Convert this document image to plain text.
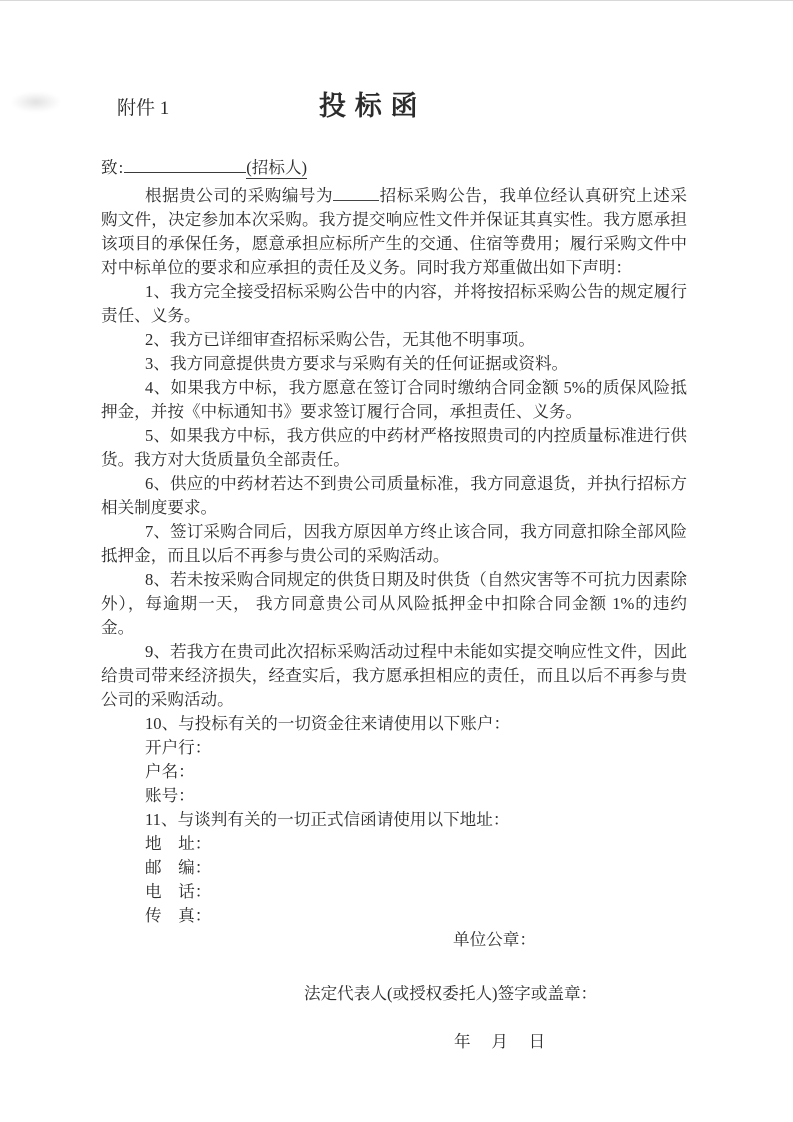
附件 1	投 标 函
致:	(招标人)

根据贵公司的采购编号为	招标采购公告，我单位经认真研究上述采购文件，决定参加本次采购。我方提交响应性文件并保证其真实性。我方愿承担该项目的承保任务，愿意承担应标所产生的交通、住宿等费用；履行采购文件中对中标单位的要求和应承担的责任及义务。同时我方郑重做出如下声明：

1、我方完全接受招标采购公告中的内容，并将按招标采购公告的规定履行责任、义务。

2、我方已详细审查招标采购公告，无其他不明事项。

3、我方同意提供贵方要求与采购有关的任何证据或资料。

4、如果我方中标，我方愿意在签订合同时缴纳合同金额 5%的质保风险抵押金，并按《中标通知书》要求签订履行合同，承担责任、义务。

5、如果我方中标，我方供应的中药材严格按照贵司的内控质量标准进行供货。我方对大货质量负全部责任。

6、供应的中药材若达不到贵公司质量标准，我方同意退货，并执行招标方相关制度要求。

7、签订采购合同后，因我方原因单方终止该合同，我方同意扣除全部风险抵押金，而且以后不再参与贵公司的采购活动。

8、若未按采购合同规定的供货日期及时供货（自然灾害等不可抗力因素除外），每逾期一天， 我方同意贵公司从风险抵押金中扣除合同金额 1%的违约金。

9、若我方在贵司此次招标采购活动过程中未能如实提交响应性文件，因此给贵司带来经济损失，经查实后，我方愿承担相应的责任，而且以后不再参与贵公司的采购活动。

10、与投标有关的一切资金往来请使用以下账户：

开户行：

户名：

账号：

11、与谈判有关的一切正式信函请使用以下地址：

地　址：

邮　编：

电　话：

传　真：

单位公章：

法定代表人(或授权委托人)签字或盖章：

年　 月　 日
